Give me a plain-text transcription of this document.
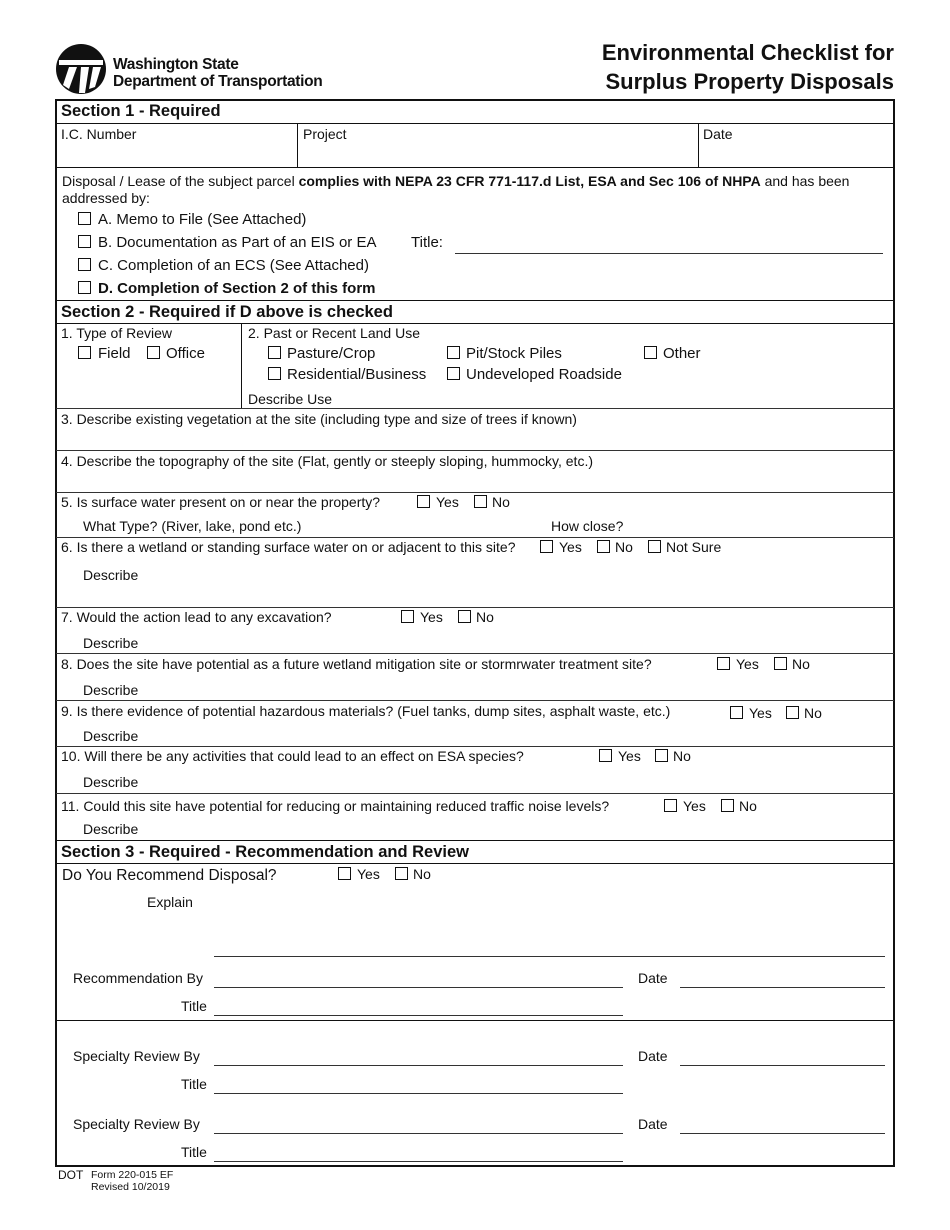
Washington State
Department of Transportation
Environmental Checklist for
Surplus Property Disposals
Section 1 - Required
I.C. Number	Project	Date
Disposal / Lease of the subject parcel complies with NEPA 23 CFR 771-117.d List, ESA and Sec 106 of NHPA and has been
addressed by:
A. Memo to File (See Attached)
B. Documentation as Part of an EIS or EA Title:
C. Completion of an ECS (See Attached)
D. Completion of Section 2 of this form
Section 2 - Required if D above is checked
1. Type of Review
Field Office
2. Past or Recent Land Use
Pasture/Crop	Pit/Stock Piles	Other
Residential/Business	Undeveloped Roadside
Describe Use
3. Describe existing vegetation at the site (including type and size of trees if known)
4. Describe the topography of the site (Flat, gently or steeply sloping, hummocky, etc.)
5. Is surface water present on or near the property?	Yes No
What Type? (River, lake, pond etc.)	How close?
6. Is there a wetland or standing surface water on or adjacent to this site?	Yes No Not Sure
Describe
7. Would the action lead to any excavation?	Yes No
Describe
8. Does the site have potential as a future wetland mitigation site or stormrwater treatment site?	Yes No
Describe
9. Is there evidence of potential hazardous materials? (Fuel tanks, dump sites, asphalt waste, etc.)	Yes No
Describe
10. Will there be any activities that could lead to an effect on ESA species?	Yes No
Describe
11. Could this site have potential for reducing or maintaining reduced traffic noise levels?	Yes No
Describe
Section 3 - Required - Recommendation and Review
Do You Recommend Disposal?	Yes No
Explain
Recommendation By	Date
Title
Specialty Review By	Date
Title
Specialty Review By	Date
Title
DOT Form 220-015 EF
Revised 10/2019
